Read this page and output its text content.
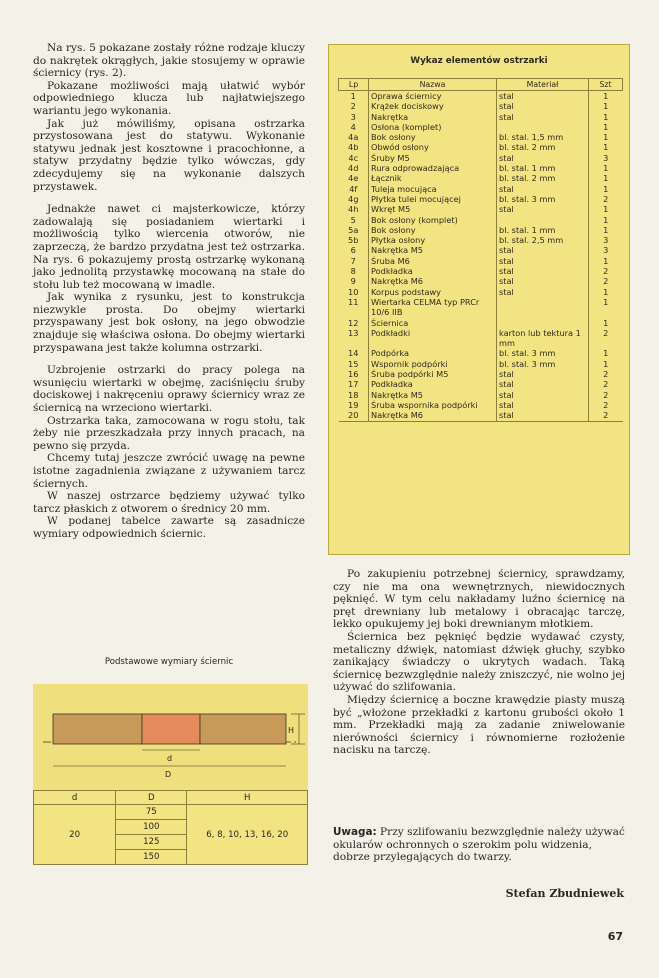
Na rys. 5 pokazane zostały różne rodzaje kluczy do nakrętek okrągłych, jakie stosujemy w oprawie ściernicy (rys. 2).

Pokazane możliwości mają ułatwić wybór odpowiedniego klucza lub najłatwiejszego wariantu jego wykonania.

Jak już mówiliśmy, opisana ostrzarka przystosowana jest do statywu. Wykonanie statywu jednak jest kosztowne i pracochłonne, a statyw przydatny będzie tylko wówczas, gdy zdecydujemy się na wykonanie dalszych przystawek.

Jednakże nawet ci majsterkowicze, którzy zadowalają się posiadaniem wiertarki i możliwością tylko wiercenia otworów, nie zaprzeczą, że bardzo przydatna jest też ostrzarka. Na rys. 6 pokazujemy prostą ostrzarkę wykonaną jako jednolitą przystawkę mocowaną na stałe do stołu lub też mocowaną w imadle.

Jak wynika z rysunku, jest to konstrukcja niezwykle prosta. Do obejmy wiertarki przyspawany jest bok osłony, na jego obwodzie znajduje się właściwa osłona. Do obejmy wiertarki przyspawana jest także kolumna ostrzarki.

Uzbrojenie ostrzarki do pracy polega na wsunięciu wiertarki w obejmę, zaciśnięciu śruby dociskowej i nakręceniu oprawy ściernicy wraz ze ściernicą na wrzeciono wiertarki.

Ostrzarka taka, zamocowana w rogu stołu, tak żeby nie przeszkadzała przy innych pracach, na pewno się przyda.

Chcemy tutaj jeszcze zwrócić uwagę na pewne istotne zagadnienia związane z używaniem tarcz ściernych.

W naszej ostrzarce będziemy używać tylko tarcz płaskich z otworem o średnicy 20 mm.

W podanej tabelce zawarte są zasadnicze wymiary odpowiednich ściernic.

Wykaz elementów ostrzarki
Lp	Nazwa	Materiał	Szt
1	Oprawa ściernicy	stal	1
2	Krążek dociskowy	stal	1
3	Nakrętka	stal	1
4	Osłona (komplet)		1
4a	Bok osłony	bl. stal. 1,5 mm	1
4b	Obwód osłony	bl. stal. 2 mm	1
4c	Śruby M5	stal	3
4d	Rura odprowadzająca	bl. stal. 1 mm	1
4e	Łącznik	bl. stal. 2 mm	1
4f	Tuleja mocująca	stal	1
4g	Płytka tulei mocującej	bl. stal. 3 mm	2
4h	Wkręt M5	stal	1
5	Bok osłony (komplet)		1
5a	Bok osłony	bl. stal. 1 mm	1
5b	Płytka osłony	bl. stal. 2,5 mm	3
6	Nakrętka M5	stal	3
7	Śruba M6	stal	1
8	Podkładka	stal	2
9	Nakrętka M6	stal	2
10	Korpus podstawy	stal	1
11	Wiertarka CELMA typ PRCr 10/6 IIB		1
12	Ściernica		1
13	Podkładki	karton lub tektura 1 mm	2
14	Podpórka	bl. stal. 3 mm	1
15	Wspornik podpórki	bl. stal. 3 mm	1
16	Śruba podpórki M5	stal	2
17	Podkładka	stal	2
18	Nakrętka M5	stal	2
19	Śruba wspornika podpórki	stal	2
20	Nakrętka M6	stal	2
Podstawowe wymiary ściernic
H
d
D
d	D	H
20	75	6, 8, 10, 13, 16, 20
	100	
	125	
	150	

Po zakupieniu potrzebnej ściernicy, sprawdzamy, czy nie ma ona wewnętrznych, niewidocznych pęknięć. W tym celu nakładamy luźno ściernicę na pręt drewniany lub metalowy i obracając tarczę, lekko opukujemy jej boki drewnianym młotkiem.

Ściernica bez pęknięć będzie wydawać czysty, metaliczny dźwięk, natomiast dźwięk głuchy, szybko zanikający świadczy o ukrytych wadach. Taką ściernicę bezwzględnie należy zniszczyć, nie wolno jej używać do szlifowania.

Między ściernicę a boczne krawędzie piasty muszą być „włożone przekładki z kartonu grubości około 1 mm. Przekładki mają za zadanie zniwelowanie nierówności ściernicy i równomierne rozłożenie nacisku na tarczę.

Uwaga: Przy szlifowaniu bezwzględnie należy używać okularów ochronnych o szerokim polu widzenia, dobrze przylegających do twarzy.
Stefan Zbudniewek
67
